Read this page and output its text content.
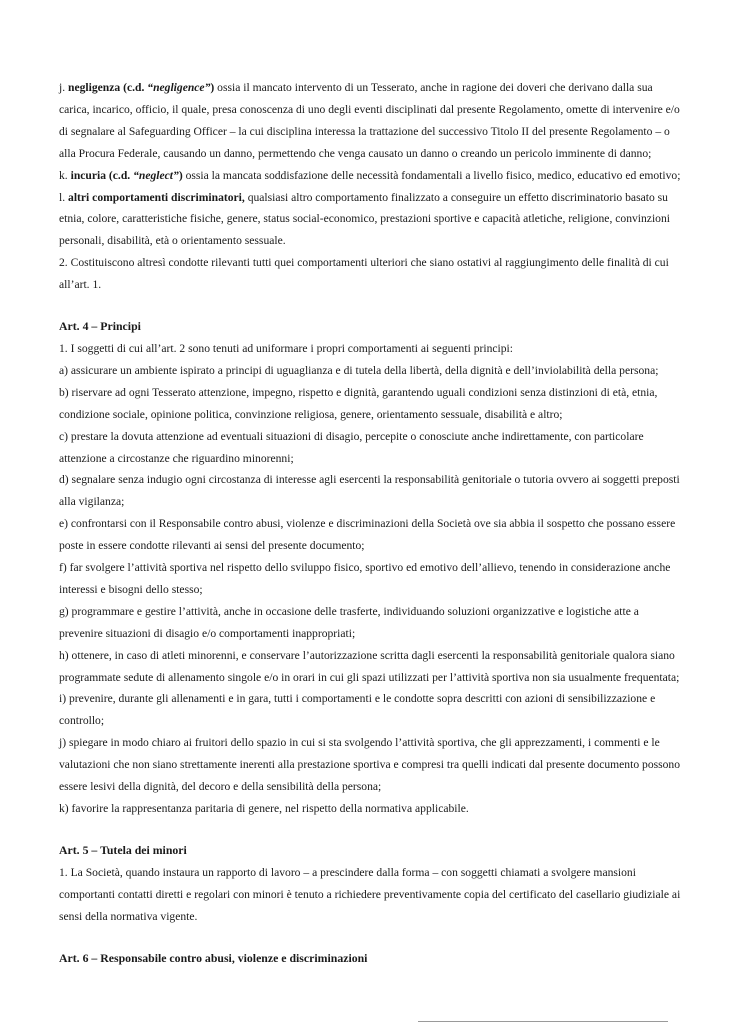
j. negligenza (c.d. “negligence”) ossia il mancato intervento di un Tesserato, anche in ragione dei doveri che derivano dalla sua carica, incarico, officio, il quale, presa conoscenza di uno degli eventi disciplinati dal presente Regolamento, omette di intervenire e/o di segnalare al Safeguarding Officer – la cui disciplina interessa la trattazione del successivo Titolo II del presente Regolamento – o alla Procura Federale, causando un danno, permettendo che venga causato un danno o creando un pericolo imminente di danno;

k. incuria (c.d. “neglect”) ossia la mancata soddisfazione delle necessità fondamentali a livello fisico, medico, educativo ed emotivo;

l. altri comportamenti discriminatori, qualsiasi altro comportamento finalizzato a conseguire un effetto discriminatorio basato su etnia, colore, caratteristiche fisiche, genere, status social-economico, prestazioni sportive e capacità atletiche, religione, convinzioni personali, disabilità, età o orientamento sessuale.

2. Costituiscono altresì condotte rilevanti tutti quei comportamenti ulteriori che siano ostativi al raggiungimento delle finalità di cui all’art. 1.

Art. 4 – Principi

1. I soggetti di cui all’art. 2 sono tenuti ad uniformare i propri comportamenti ai seguenti principi:

a) assicurare un ambiente ispirato a principi di uguaglianza e di tutela della libertà, della dignità e dell’inviolabilità della persona;

b) riservare ad ogni Tesserato attenzione, impegno, rispetto e dignità, garantendo uguali condizioni senza distinzioni di età, etnia, condizione sociale, opinione politica, convinzione religiosa, genere, orientamento sessuale, disabilità e altro;

c) prestare la dovuta attenzione ad eventuali situazioni di disagio, percepite o conosciute anche indirettamente, con particolare attenzione a circostanze che riguardino minorenni;

d) segnalare senza indugio ogni circostanza di interesse agli esercenti la responsabilità genitoriale o tutoria ovvero ai soggetti preposti alla vigilanza;

e) confrontarsi con il Responsabile contro abusi, violenze e discriminazioni della Società ove sia abbia il sospetto che possano essere poste in essere condotte rilevanti ai sensi del presente documento;

f) far svolgere l’attività sportiva nel rispetto dello sviluppo fisico, sportivo ed emotivo dell’allievo, tenendo in considerazione anche interessi e bisogni dello stesso;

g) programmare e gestire l’attività, anche in occasione delle trasferte, individuando soluzioni organizzative e logistiche atte a prevenire situazioni di disagio e/o comportamenti inappropriati;

h) ottenere, in caso di atleti minorenni, e conservare l’autorizzazione scritta dagli esercenti la responsabilità genitoriale qualora siano programmate sedute di allenamento singole e/o in orari in cui gli spazi utilizzati per l’attività sportiva non sia usualmente frequentata;

i) prevenire, durante gli allenamenti e in gara, tutti i comportamenti e le condotte sopra descritti con azioni di sensibilizzazione e controllo;

j) spiegare in modo chiaro ai fruitori dello spazio in cui si sta svolgendo l’attività sportiva, che gli apprezzamenti, i commenti e le valutazioni che non siano strettamente inerenti alla prestazione sportiva e compresi tra quelli indicati dal presente documento possono essere lesivi della dignità, del decoro e della sensibilità della persona;

k) favorire la rappresentanza paritaria di genere, nel rispetto della normativa applicabile.

Art. 5 – Tutela dei minori

1. La Società, quando instaura un rapporto di lavoro – a prescindere dalla forma – con soggetti chiamati a svolgere mansioni comportanti contatti diretti e regolari con minori è tenuto a richiedere preventivamente copia del certificato del casellario giudiziale ai sensi della normativa vigente.

Art. 6 – Responsabile contro abusi, violenze e discriminazioni
